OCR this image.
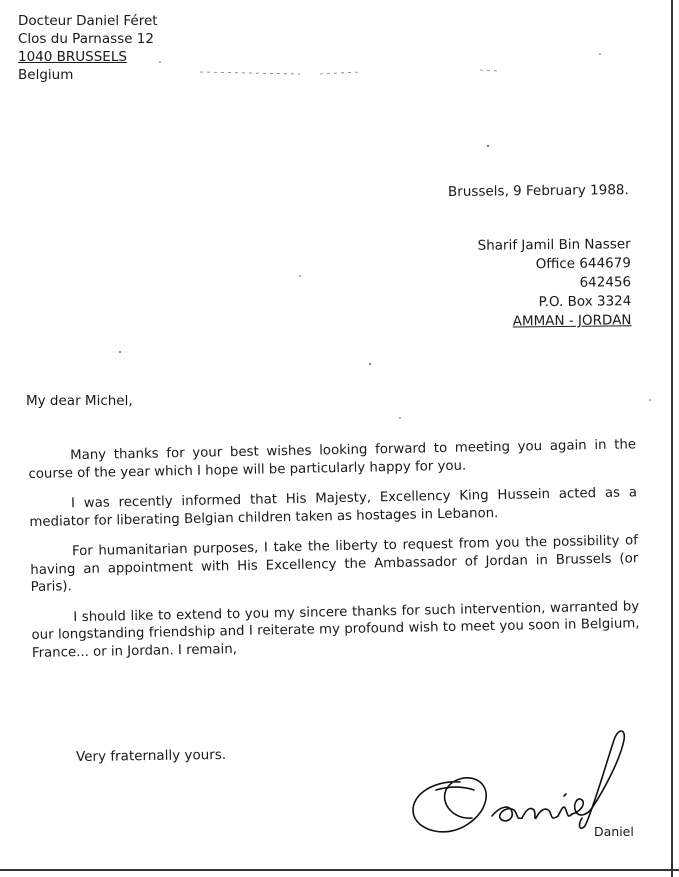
Docteur Daniel Féret
Clos du Parnasse 12
1040 BRUSSELS
Belgium
Brussels, 9 February 1988.
Sharif Jamil Bin Nasser
Office 644679
642456
P.O. Box 3324
AMMAN - JORDAN
My dear Michel,

Many thanks for your best wishes looking forward to meeting you again in the course of the year which I hope will be particularly happy for you.

I was recently informed that His Majesty, Excellency King Hussein acted as a mediator for liberating Belgian children taken as hostages in Lebanon.

For humanitarian purposes, I take the liberty to request from you the possibility of having an appointment with His Excellency the Ambassador of Jordan in Brussels (or Paris).

I should like to extend to you my sincere thanks for such intervention, warranted by our longstanding friendship and I reiterate my profound wish to meet you soon in Belgium, France... or in Jordan. I remain,

Very fraternally yours.
Daniel
